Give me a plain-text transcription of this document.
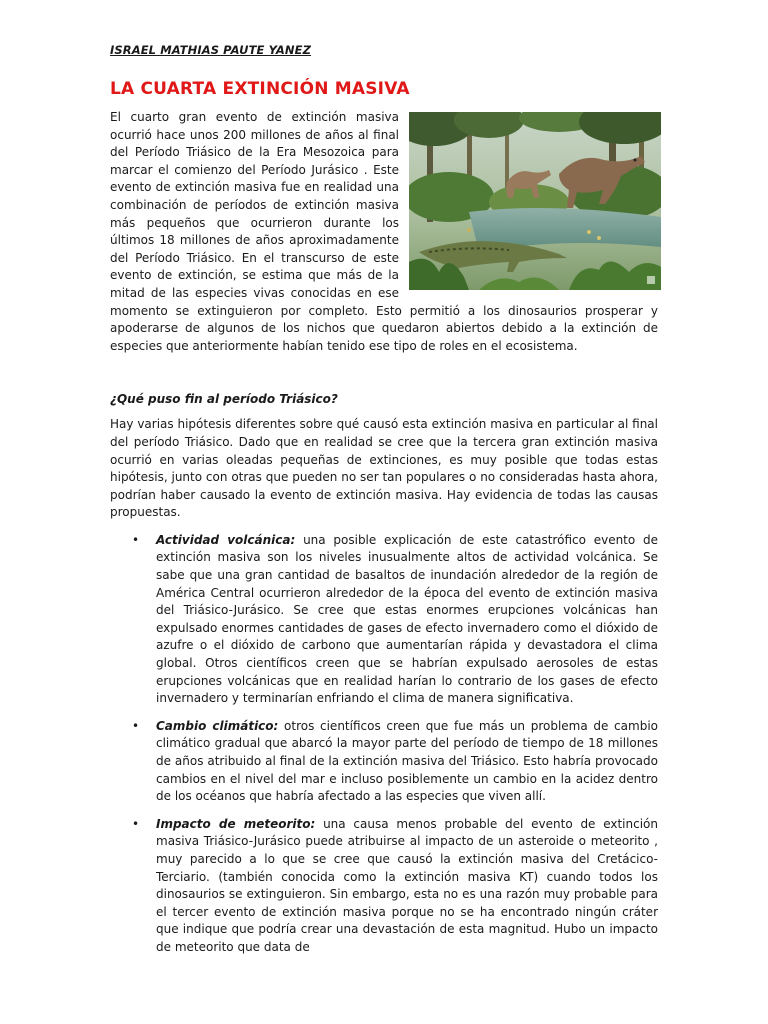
ISRAEL MATHIAS PAUTE YANEZ
LA CUARTA EXTINCIÓN MASIVA
El cuarto gran evento de extinción masiva ocurrió hace unos 200 millones de años al final del Período Triásico de la Era Mesozoica para marcar el comienzo del Período Jurásico . Este evento de extinción masiva fue en realidad una combinación de períodos de extinción masiva más pequeños que ocurrieron durante los últimos 18 millones de años aproximadamente del Período Triásico. En el transcurso de este evento de extinción, se estima que más de la mitad de las especies vivas conocidas en ese momento se extinguieron por completo. Esto permitió a los dinosaurios prosperar y apoderarse de algunos de los nichos que quedaron abiertos debido a la extinción de especies que anteriormente habían tenido ese tipo de roles en el ecosistema.
¿Qué puso fin al período Triásico?

Hay varias hipótesis diferentes sobre qué causó esta extinción masiva en particular al final del período Triásico. Dado que en realidad se cree que la tercera gran extinción masiva ocurrió en varias oleadas pequeñas de extinciones, es muy posible que todas estas hipótesis, junto con otras que pueden no ser tan populares o no consideradas hasta ahora, podrían haber causado la evento de extinción masiva. Hay evidencia de todas las causas propuestas.

• Actividad volcánica: una posible explicación de este catastrófico evento de extinción masiva son los niveles inusualmente altos de actividad volcánica. Se sabe que una gran cantidad de basaltos de inundación alrededor de la región de América Central ocurrieron alrededor de la época del evento de extinción masiva del Triásico-Jurásico. Se cree que estas enormes erupciones volcánicas han expulsado enormes cantidades de gases de efecto invernadero como el dióxido de azufre o el dióxido de carbono que aumentarían rápida y devastadora el clima global. Otros científicos creen que se habrían expulsado aerosoles de estas erupciones volcánicas que en realidad harían lo contrario de los gases de efecto invernadero y terminarían enfriando el clima de manera significativa.
• Cambio climático: otros científicos creen que fue más un problema de cambio climático gradual que abarcó la mayor parte del período de tiempo de 18 millones de años atribuido al final de la extinción masiva del Triásico. Esto habría provocado cambios en el nivel del mar e incluso posiblemente un cambio en la acidez dentro de los océanos que habría afectado a las especies que viven allí.
• Impacto de meteorito: una causa menos probable del evento de extinción masiva Triásico-Jurásico puede atribuirse al impacto de un asteroide o meteorito , muy parecido a lo que se cree que causó la extinción masiva del Cretácico-Terciario. (también conocida como la extinción masiva KT) cuando todos los dinosaurios se extinguieron. Sin embargo, esta no es una razón muy probable para el tercer evento de extinción masiva porque no se ha encontrado ningún cráter que indique que podría crear una devastación de esta magnitud. Hubo un impacto de meteorito que data de
